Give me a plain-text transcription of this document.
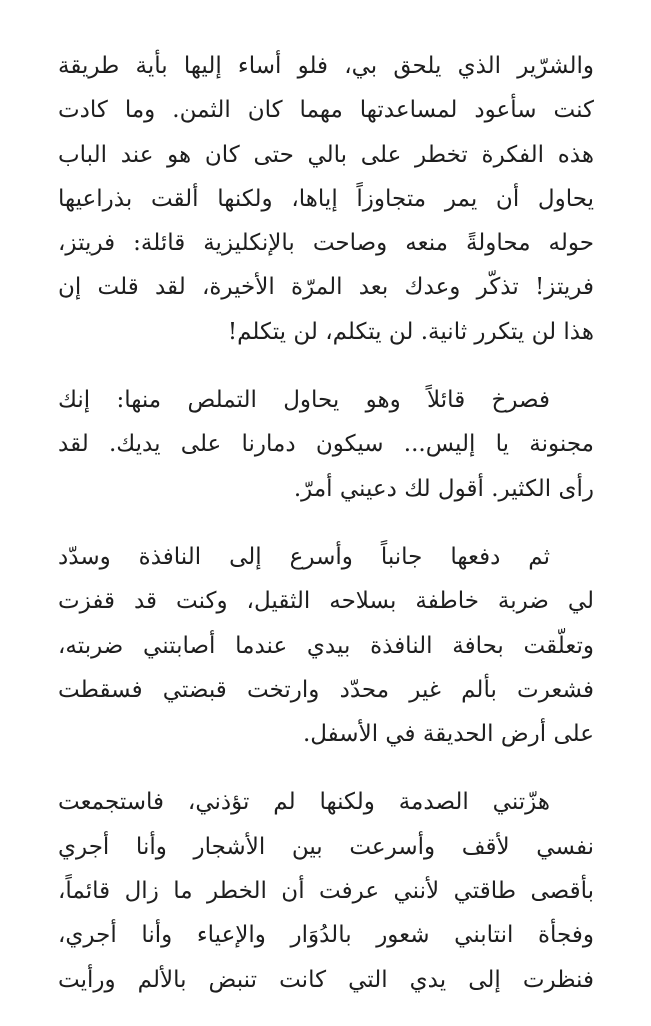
والشرّير الذي يلحق بي، فلو أساء إليها بأية طريقة
كنت سأعود لمساعدتها مهما كان الثمن. وما كادت
هذه الفكرة تخطر على بالي حتى كان هو عند الباب
يحاول أن يمر متجاوزاً إياها، ولكنها ألقت بذراعيها
حوله محاولةً منعه وصاحت بالإنكليزية قائلة: فريتز،
فريتز! تذكّر وعدك بعد المرّة الأخيرة، لقد قلت إن
هذا لن يتكرر ثانية. لن يتكلم، لن يتكلم!

فصرخ قائلاً وهو يحاول التملص منها: إنك
مجنونة يا إليس... سيكون دمارنا على يديك. لقد
رأى الكثير. أقول لك دعيني أمرّ.

ثم دفعها جانباً وأسرع إلى النافذة وسدّد
لي ضربة خاطفة بسلاحه الثقيل، وكنت قد قفزت
وتعلّقت بحافة النافذة بيدي عندما أصابتني ضربته،
فشعرت بألم غير محدّد وارتخت قبضتي فسقطت
على أرض الحديقة في الأسفل.

هزّتني الصدمة ولكنها لم تؤذني، فاستجمعت
نفسي لأقف وأسرعت بين الأشجار وأنا أجري
بأقصى طاقتي لأنني عرفت أن الخطر ما زال قائماً،
وفجأة انتابني شعور بالدُوَار والإعياء وأنا أجري،
فنظرت إلى يدي التي كانت تنبض بالألم ورأيت
